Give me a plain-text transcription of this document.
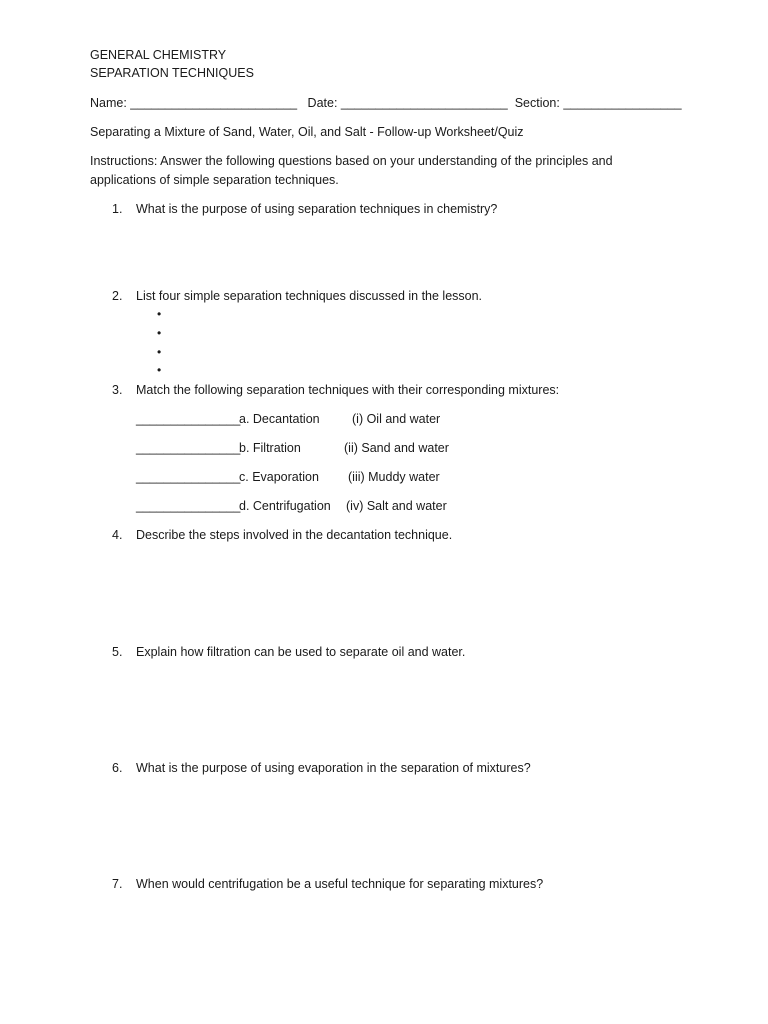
GENERAL CHEMISTRY
SEPARATION TECHNIQUES
Name: ________________________   Date: ________________________  Section: _________________
Separating a Mixture of Sand, Water, Oil, and Salt - Follow-up Worksheet/Quiz
Instructions: Answer the following questions based on your understanding of the principles and
applications of simple separation techniques.
1. What is the purpose of using separation techniques in chemistry?
2. List four simple separation techniques discussed in the lesson.
•
•
•
•
3. Match the following separation techniques with their corresponding mixtures:
_______________
a. Decantation	(i) Oil and water
_______________
b. Filtration	(ii) Sand and water
_______________
c. Evaporation (iii) Muddy water
_______________
d. Centrifugation (iv) Salt and water
4. Describe the steps involved in the decantation technique.
5. Explain how filtration can be used to separate oil and water.
6. What is the purpose of using evaporation in the separation of mixtures?
7. When would centrifugation be a useful technique for separating mixtures?
